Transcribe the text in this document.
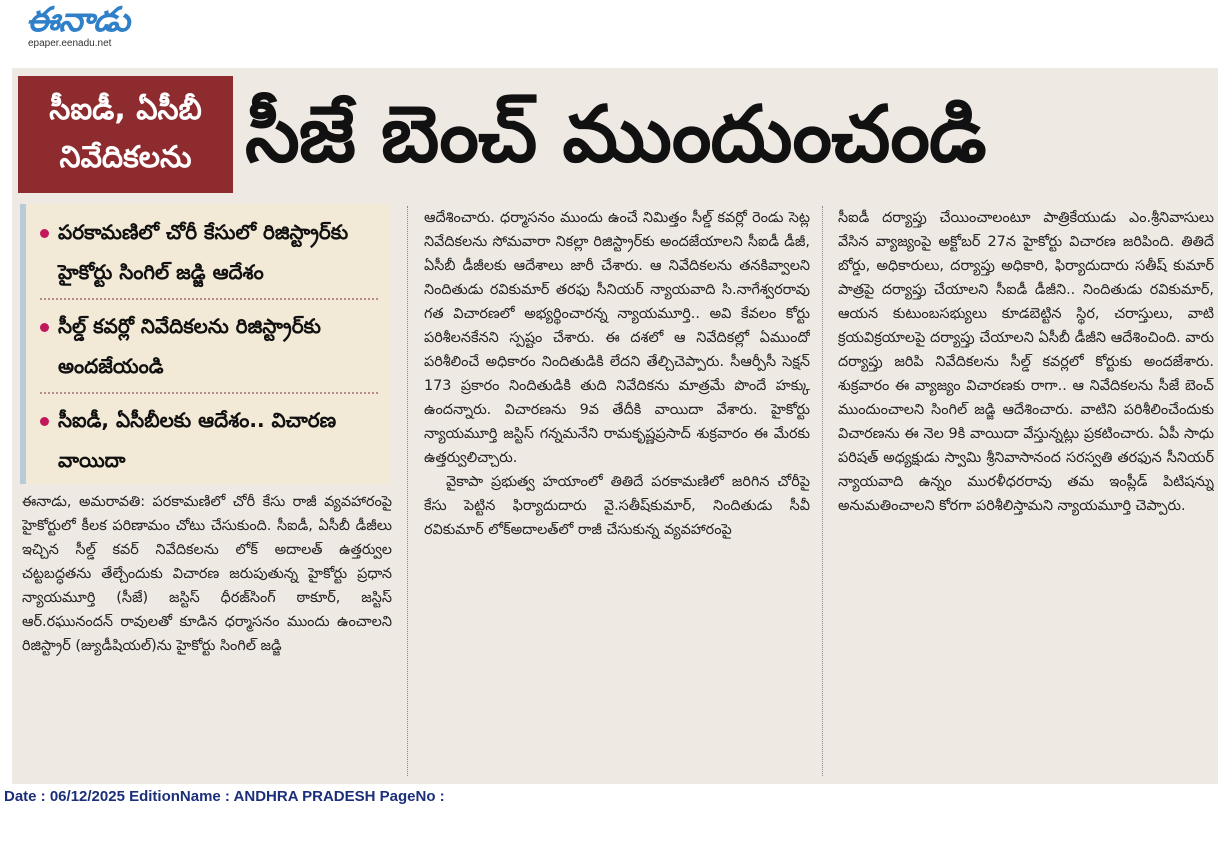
ఈనాడు
epaper.eenadu.net
సీఐడీ, ఏసీబీ
నివేదికలను సీజే బెంచ్ ముందుంచండి
పరకామణిలో చోరీ కేసులో రిజిస్ట్రార్‌కు హైకోర్టు సింగిల్ జడ్జి ఆదేశం
సీల్డ్ కవర్లో నివేదికలను రిజిస్ట్రార్‌కు అందజేయండి
సీఐడీ, ఏసీబీలకు ఆదేశం.. విచారణ వాయిదా

ఈనాడు, అమరావతి: పరకామణిలో చోరీ కేసు రాజీ వ్యవహారంపై హైకోర్టులో కీలక పరిణామం చోటు చేసుకుంది. సీఐడీ, ఏసీబీ డీజీలు ఇచ్చిన సీల్డ్ కవర్ నివేదికలను లోక్ అదాలత్ ఉత్తర్వుల చట్టబద్ధతను తేల్చేందుకు విచారణ జరుపుతున్న హైకోర్టు ప్రధాన న్యాయమూర్తి (సీజే) జస్టిస్ ధీరజ్‌సింగ్ ఠాకూర్, జస్టిస్ ఆర్.రఘునందన్ రావులతో కూడిన ధర్మాసనం ముందు ఉంచాలని రిజిస్ట్రార్ (జ్యుడీషియల్)ను హైకోర్టు సింగిల్ జడ్జి

ఆదేశించారు. ధర్మాసనం ముందు ఉంచే నిమిత్తం సీల్డ్ కవర్లో రెండు సెట్ల నివేదికలను సోమవారా నికల్లా రిజిస్ట్రార్‌కు అందజేయాలని సీఐడీ డీజీ, ఏసీబీ డీజీలకు ఆదేశాలు జారీ చేశారు. ఆ నివేదికలను తనకివ్వాలని నిందితుడు రవికుమార్ తరఫు సీనియర్ న్యాయవాది సి.నాగేశ్వరరావు గత విచారణలో అభ్యర్థించారన్న న్యాయమూర్తి.. అవి కేవలం కోర్టు పరిశీలనకేనని స్పష్టం చేశారు. ఈ దశలో ఆ నివేదికల్లో ఏముందో పరిశీలించే అధికారం నిందితుడికి లేదని తేల్చిచెప్పారు. సీఆర్పీసీ సెక్షన్ 173 ప్రకారం నిందితుడికి తుది నివేదికను మాత్రమే పొందే హక్కు ఉందన్నారు. విచారణను 9వ తేదీకి వాయిదా వేశారు. హైకోర్టు న్యాయమూర్తి జస్టిస్ గన్నమనేని రామకృష్ణప్రసాద్ శుక్రవారం ఈ మేరకు ఉత్తర్వులిచ్చారు.

వైకాపా ప్రభుత్వ హయాంలో తితిదే పరకామణిలో జరిగిన చోరీపై కేసు పెట్టిన ఫిర్యాదుదారు వై.సతీష్‌కుమార్, నిందితుడు సీవీ రవికుమార్ లోక్‌అదాలత్‌లో రాజీ చేసుకున్న వ్యవహారంపై

సీఐడీ దర్యాప్తు చేయించాలంటూ పాత్రికేయుడు ఎం.శ్రీనివాసులు వేసిన వ్యాజ్యంపై అక్టోబర్ 27న హైకోర్టు విచారణ జరిపింది. తితిదే బోర్డు, అధికారులు, దర్యాప్తు అధికారి, ఫిర్యాదుదారు సతీష్ కుమార్ పాత్రపై దర్యాప్తు చేయాలని సీఐడీ డీజీని.. నిందితుడు రవికుమార్, ఆయన కుటుంబసభ్యులు కూడబెట్టిన స్థిర, చరాస్తులు, వాటి క్రయవిక్రయాలపై దర్యాప్తు చేయాలని ఏసీబీ డీజీని ఆదేశించింది. వారు దర్యాప్తు జరిపి నివేదికలను సీల్డ్ కవర్లలో కోర్టుకు అందజేశారు. శుక్రవారం ఈ వ్యాజ్యం విచారణకు రాగా.. ఆ నివేదికలను సీజే బెంచ్ ముందుంచాలని సింగిల్ జడ్జి ఆదేశించారు. వాటిని పరిశీలించేందుకు విచారణను ఈ నెల 9కి వాయిదా వేస్తున్నట్లు ప్రకటించారు. ఏపీ సాధు పరిషత్ అధ్యక్షుడు స్వామి శ్రీనివాసానంద సరస్వతి తరఫున సీనియర్ న్యాయవాది ఉన్నం మురళీధరరావు తమ ఇంప్లీడ్ పిటిషన్ను అనుమతించాలని కోరగా పరిశీలిస్తామని న్యాయమూర్తి చెప్పారు.

Date : 06/12/2025 EditionName : ANDHRA PRADESH PageNo :
